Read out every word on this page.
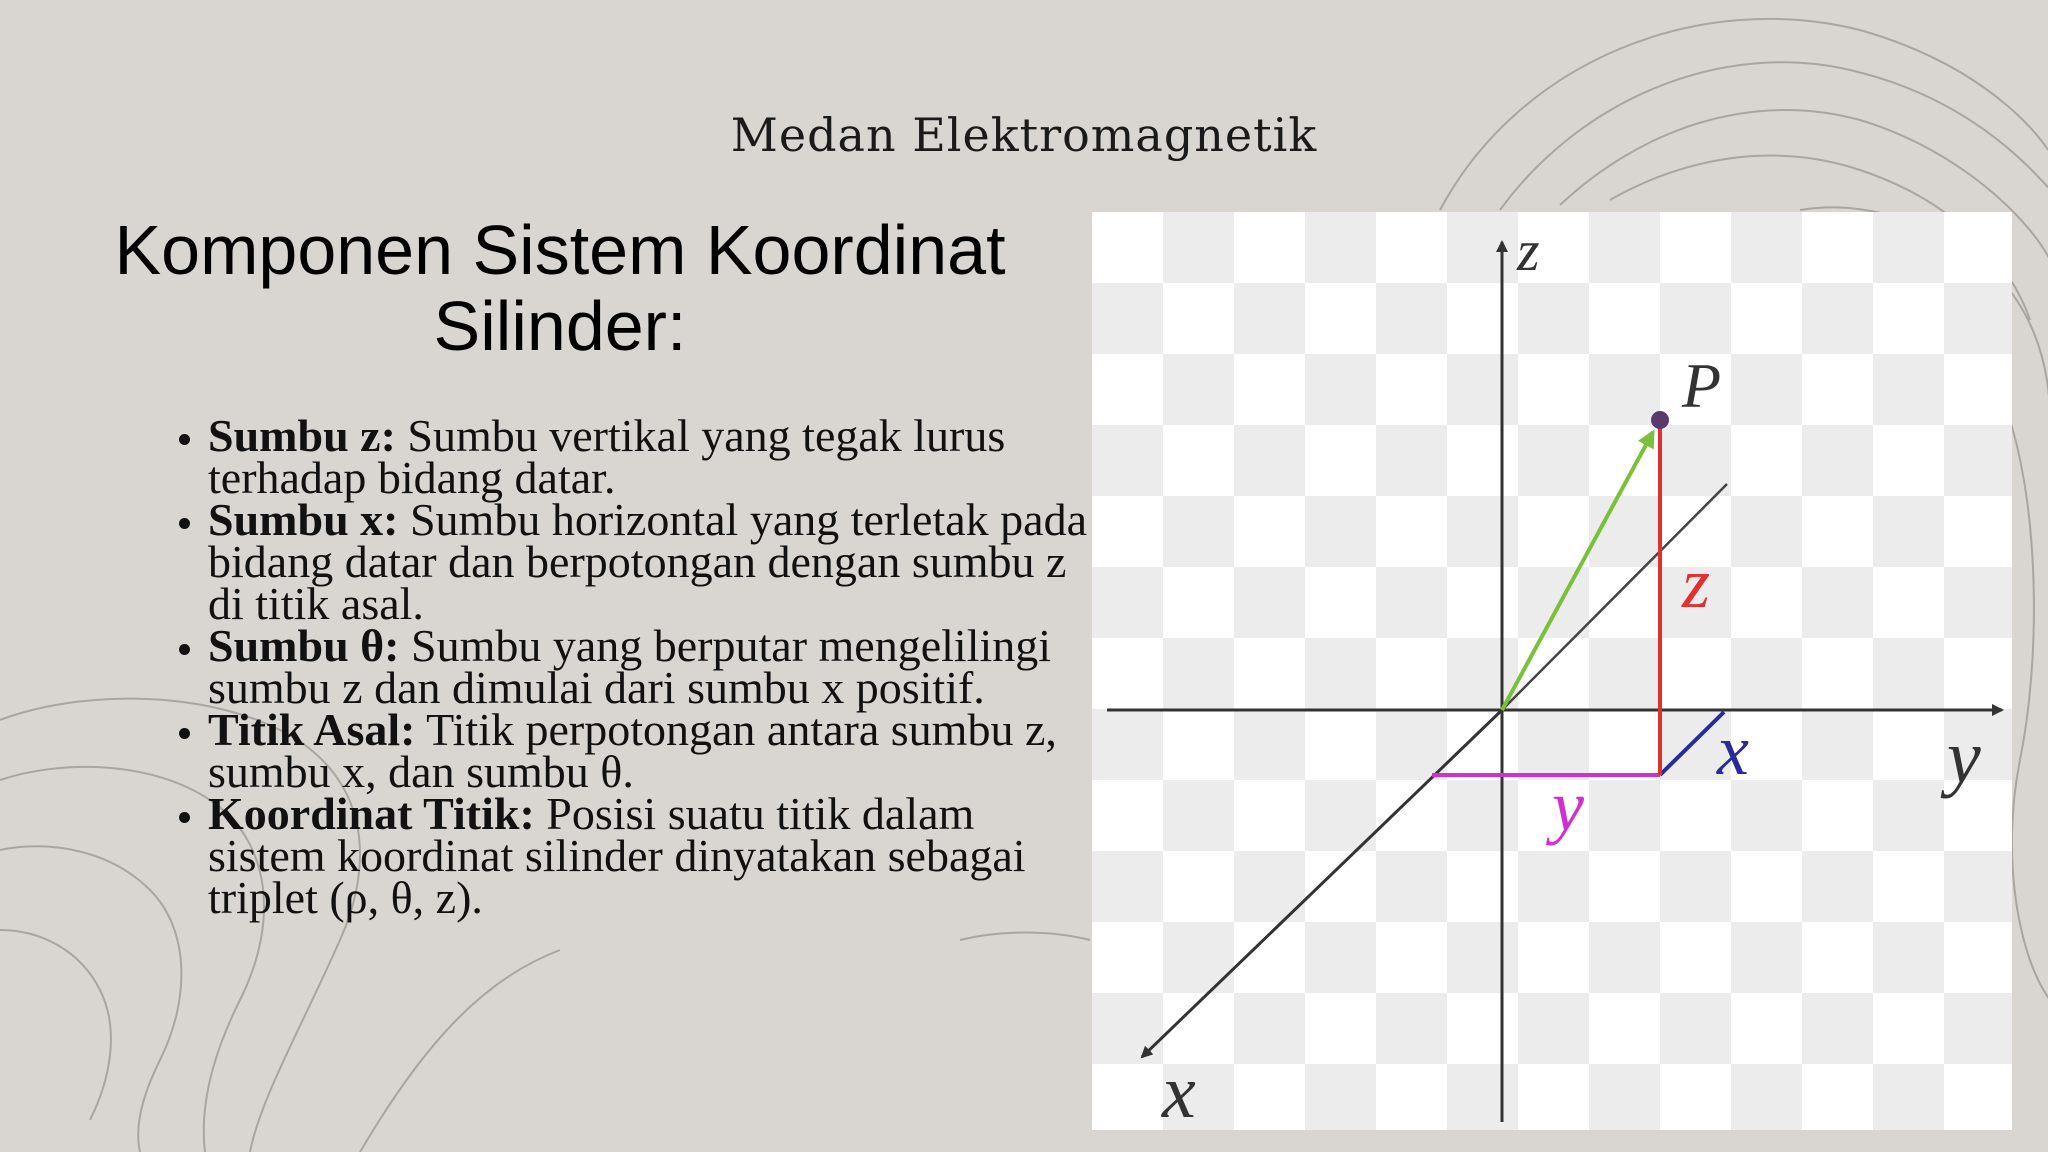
Medan Elektromagnetik
Komponen Sistem Koordinat Silinder:
• Sumbu z: Sumbu vertikal yang tegak lurus terhadap bidang datar.
• Sumbu x: Sumbu horizontal yang terletak pada bidang datar dan berpotongan dengan sumbu z di titik asal.
• Sumbu θ: Sumbu yang berputar mengelilingi sumbu z dan dimulai dari sumbu x positif.
• Titik Asal: Titik perpotongan antara sumbu z, sumbu x, dan sumbu θ.
• Koordinat Titik: Posisi suatu titik dalam sistem koordinat silinder dinyatakan sebagai triplet (ρ, θ, z).
z
y
x
P
z
x
y
